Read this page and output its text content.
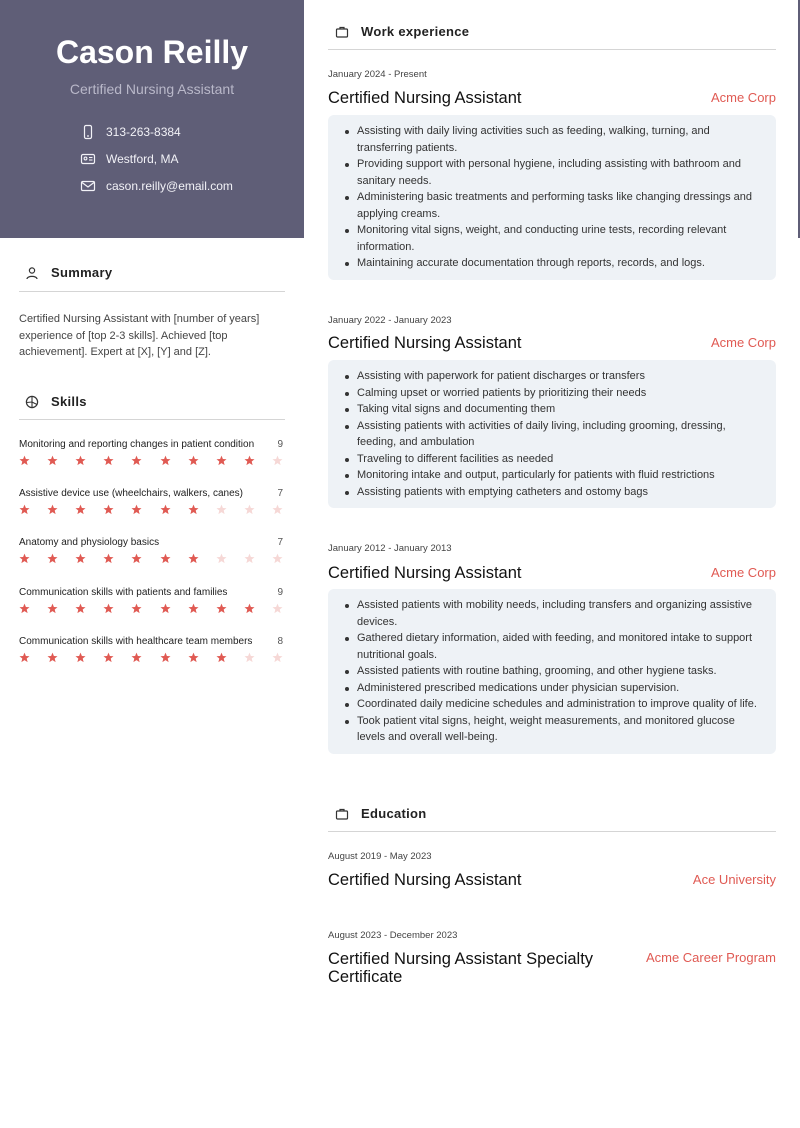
Cason Reilly
Certified Nursing Assistant
313-263-8384
Westford, MA
cason.reilly@email.com
Summary
Certified Nursing Assistant with [number of years] experience of [top 2-3 skills]. Achieved [top achievement]. Expert at [X], [Y] and [Z].
Skills
Monitoring and reporting changes in patient condition 9
Assistive device use (wheelchairs, walkers, canes)	7
Anatomy and physiology basics	7
Communication skills with patients and families	9
Communication skills with healthcare team members	8
Work experience
January 2024 - Present
Certified Nursing Assistant	Acme Corp
Assisting with daily living activities such as feeding, walking, turning, and transferring patients.
Providing support with personal hygiene, including assisting with bathroom and sanitary needs.
Administering basic treatments and performing tasks like changing dressings and applying creams.
Monitoring vital signs, weight, and conducting urine tests, recording relevant information.
Maintaining accurate documentation through reports, records, and logs.
January 2022 - January 2023
Certified Nursing Assistant	Acme Corp
Assisting with paperwork for patient discharges or transfers
Calming upset or worried patients by prioritizing their needs
Taking vital signs and documenting them
Assisting patients with activities of daily living, including grooming, dressing, feeding, and ambulation
Traveling to different facilities as needed
Monitoring intake and output, particularly for patients with fluid restrictions
Assisting patients with emptying catheters and ostomy bags
January 2012 - January 2013
Certified Nursing Assistant	Acme Corp
Assisted patients with mobility needs, including transfers and organizing assistive devices.
Gathered dietary information, aided with feeding, and monitored intake to support nutritional goals.
Assisted patients with routine bathing, grooming, and other hygiene tasks.
Administered prescribed medications under physician supervision.
Coordinated daily medicine schedules and administration to improve quality of life.
Took patient vital signs, height, weight measurements, and monitored glucose levels and overall well-being.
Education
August 2019 - May 2023
Certified Nursing Assistant	Ace University
August 2023 - December 2023
Certified Nursing Assistant Specialty Certificate
Acme Career Program
